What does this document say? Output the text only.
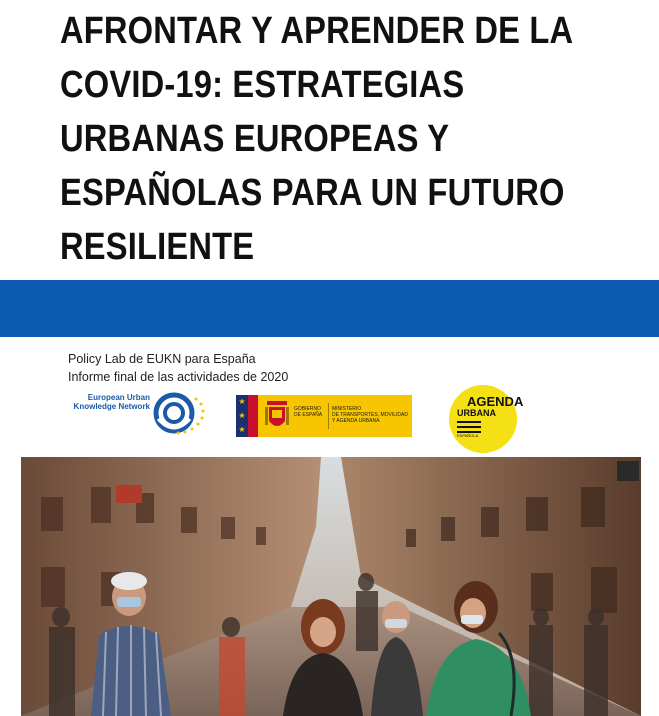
AFRONTAR Y APRENDER DE LA
COVID-19: ESTRATEGIAS
URBANAS EUROPEAS Y
ESPAÑOLAS PARA UN FUTURO
RESILIENTE
Policy Lab de EUKN para España
Informe final de las actividades de 2020
European Urban
Knowledge Network
★
★
★
GOBIERNO
DE ESPAÑA
MINISTERIO
DE TRANSPORTES, MOVILIDAD
Y AGENDA URBANA
AGENDA
URBANA
ESPAÑOLA
